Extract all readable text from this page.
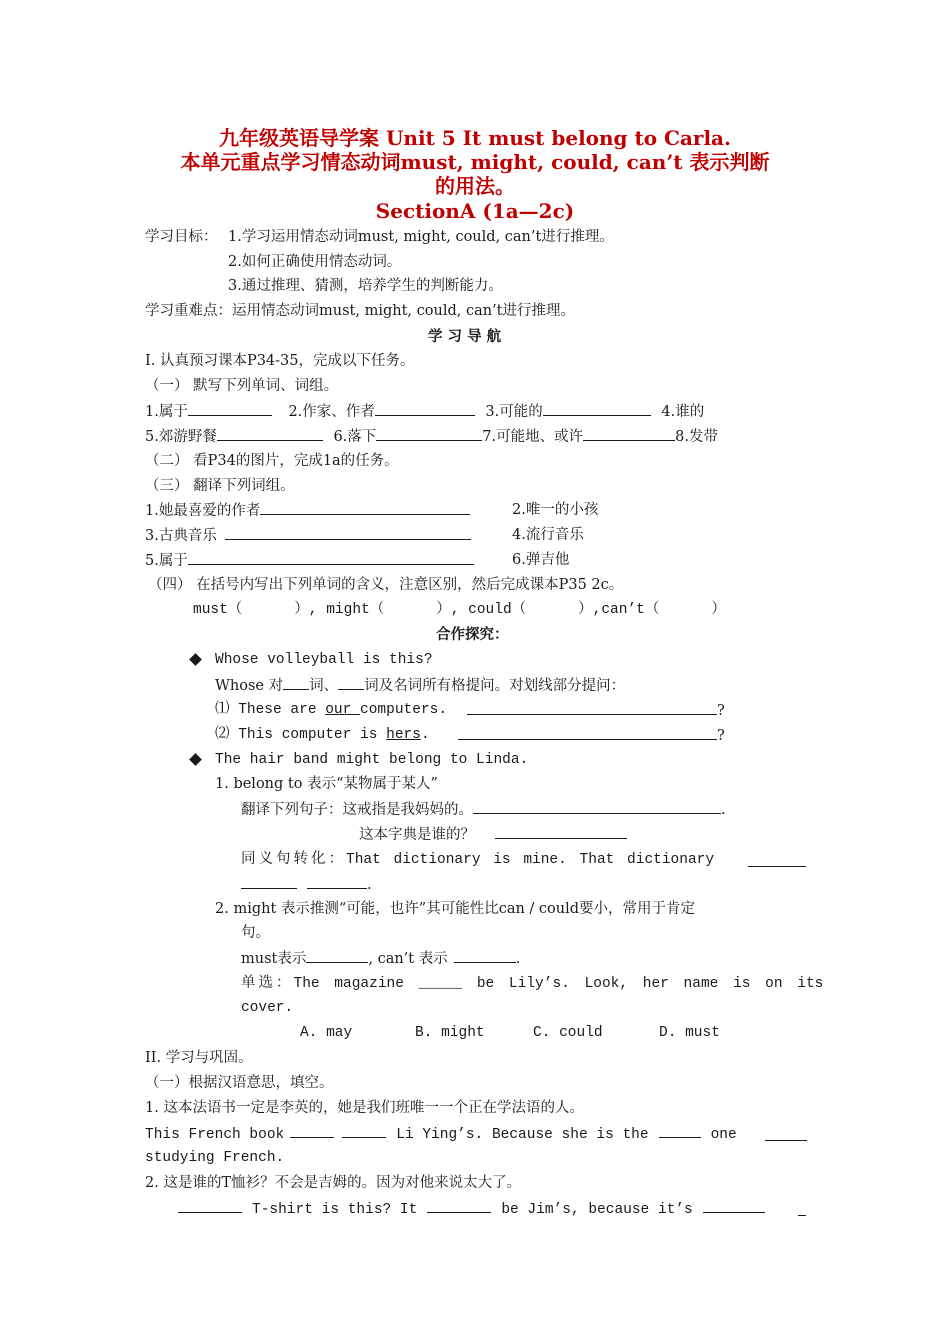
九年级英语导学案 Unit 5 It must belong to Carla.
本单元重点学习情态动词must, might, could, can’t 表示判断
的用法。
SectionA (1a—2c)
学习目标： 1.学习运用情态动词must, might, could, can’t进行推理。
2.如何正确使用情态动词。
3.通过推理、猜测，培养学生的判断能力。
学习重难点：运用情态动词must, might, could, can’t进行推理。
学 习 导 航
I. 认真预习课本P34-35，完成以下任务。
（一） 默写下列单词、词组。
1.属于	2.作家、作者	3.可能的	4.谁的
5.郊游野餐	6.落下	7.可能地、或许	8.发带
（二） 看P34的图片，完成1a的任务。
（三） 翻译下列词组。
1.她最喜爱的作者	2.唯一的小孩
3.古典音乐	4.流行音乐
5.属于	6.弹吉他
（四） 在括号内写出下列单词的含义，注意区别，然后完成课本P35 2c。
must（	）, might（	）, could（	）,can’t（	）
合作探究：
Whose volleyball is this?
Whose 对 词、 词及名词所有格提问。对划线部分提问：
⑴ These are our computers.	?
⑵ This computer is hers.	?
The hair band might belong to Linda.
1. belong to 表示“某物属于某人”
翻译下列句子：这戒指是我妈妈的。	.
这本字典是谁的？
同义句转化：That dictionary is mine. That dictionary
.
2. might 表示推测“可能，也许”其可能性比can / could要小，常用于肯定
句。
must表示	, can’t 表示	.
单选：The magazine _____ be Lily’s. Look, her name is on its
cover.
A. may	B. might	C. could	D. must
II. 学习与巩固。
（一）根据汉语意思，填空。
1. 这本法语书一定是李英的，她是我们班唯一一个正在学法语的人。
This French book	Li Ying’s. Because she is the	one
studying French.
2. 这是谁的T恤衫？不会是吉姆的。因为对他来说太大了。
T-shirt is this? It	be Jim’s, because it’s
